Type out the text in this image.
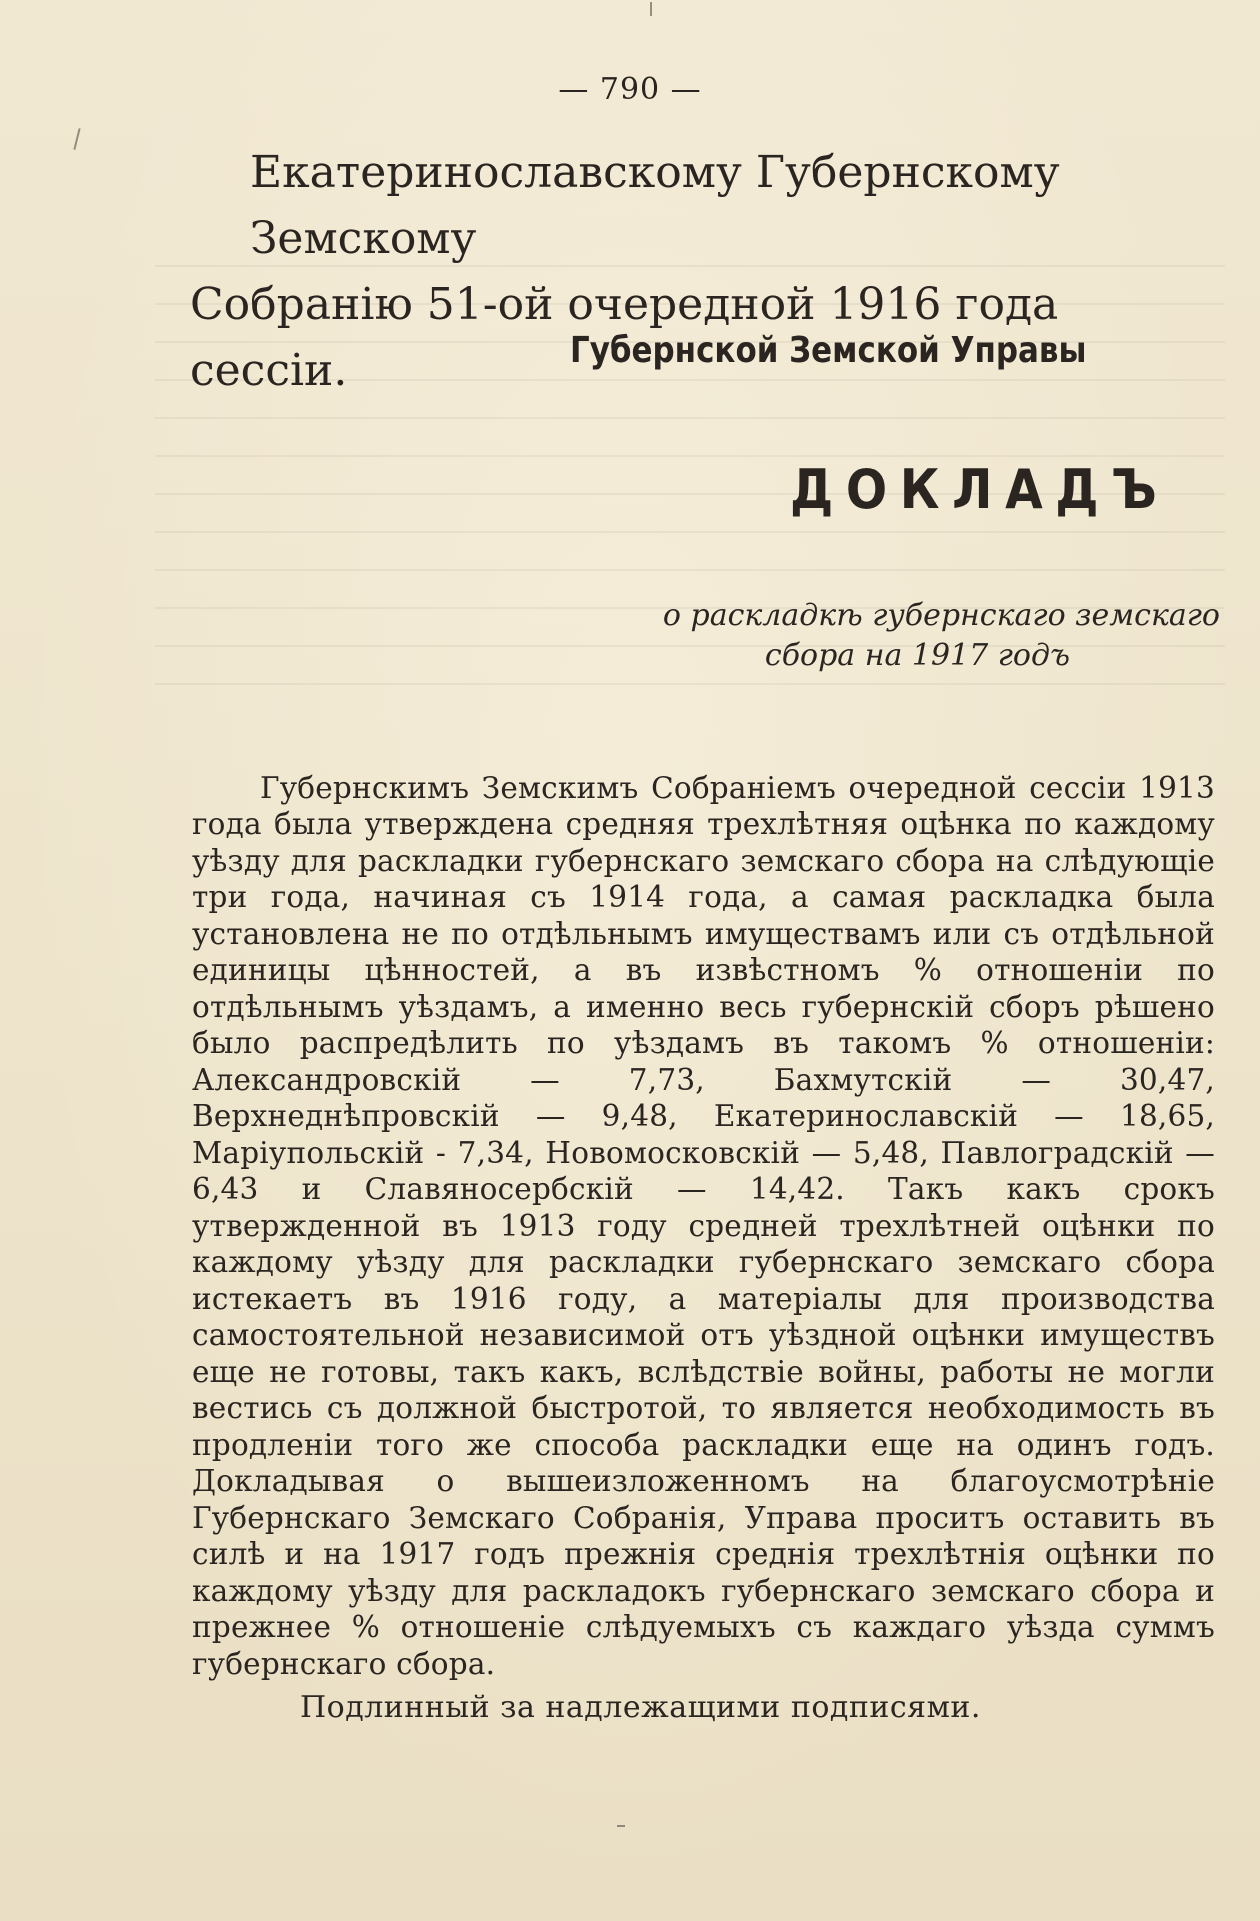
— 790 —
Екатеринославскому Губернскому Земскому
Собранію 51-ой очередной 1916 года сессіи.	Губернской Земской Управы
ДОКЛАДЪ
о раскладкѣ губернскаго земскаго
сбора на 1917 годъ

Губернскимъ Земскимъ Собраніемъ очередной сессіи 1913 года была утверждена средняя трехлѣтняя оцѣнка по каждому уѣзду для раскладки губернскаго земскаго сбора на слѣдующіе три года, начиная съ 1914 года, а самая раскладка была установлена не по отдѣльнымъ имуществамъ или съ отдѣльной единицы цѣнностей, а въ извѣстномъ % отношеніи по отдѣльнымъ уѣздамъ, а именно весь губернскій сборъ рѣшено было распредѣлить по уѣздамъ въ такомъ % отношеніи: Александровскій — 7,73, Бахмутскій — 30,47, Верхнеднѣпровскій — 9,48, Екатеринославскій — 18,65, Маріупольскій - 7,34, Новомосковскій — 5,48, Павлоградскій — 6,43 и Славяносербскій — 14,42. Такъ какъ срокъ утвержденной въ 1913 году средней трехлѣтней оцѣнки по каждому уѣзду для раскладки губернскаго земскаго сбора истекаетъ въ 1916 году, а матеріалы для производства самостоятельной независимой отъ уѣздной оцѣнки имуществъ еще не готовы, такъ какъ, вслѣдствіе войны, работы не могли вестись съ должной быстротой, то является необходимость въ продленіи того же способа раскладки еще на одинъ годъ. Докладывая о вышеизложенномъ на благоусмотрѣніе Губернскаго Земскаго Собранія, Управа проситъ оставить въ силѣ и на 1917 годъ прежнія среднія трехлѣтнія оцѣнки по каждому уѣзду для раскладокъ губернскаго земскаго сбора и прежнее % отношеніе слѣдуемыхъ съ каждаго уѣзда суммъ губернскаго сбора.

Подлинный за надлежащими подписями.
